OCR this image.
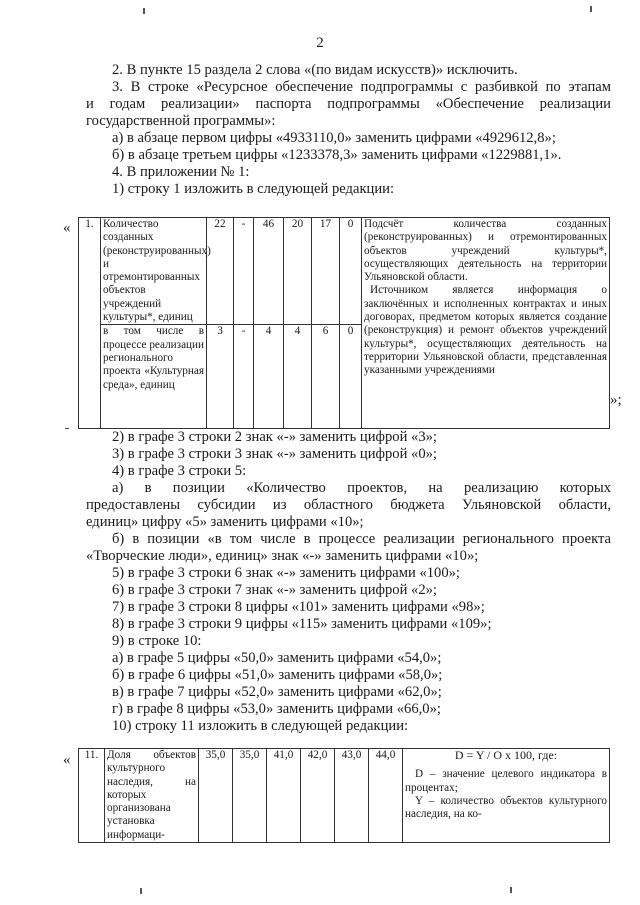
2
2. В пункте 15 раздела 2 слова «(по видам искусств)» исключить.
3. В строке «Ресурсное обеспечение подпрограммы с разбивкой по этапам
и годам реализации» паспорта подпрограммы «Обеспечение реализации
государственной программы»:
а) в абзаце первом цифры «4933110,0» заменить цифрами «4929612,8»;
б) в абзаце третьем цифры «1233378,3» заменить цифрами «1229881,1».
4. В приложении № 1:
1) строку 1 изложить в следующей редакции:
« 1.	Количество созданных (реконструированных) и отремонтированных объектов учреждений культуры*, единиц	22	-	46	20	17	0	Подсчёт количества созданных (реконструированных) и отремонтированных объектов учреждений культуры*, осуществляющих деятельность на территории Ульяновской области.
Источником является информация о заключённых и исполненных контрактах и иных договорах, предметом которых является создание (реконструкция) и ремонт объектов учреждений культуры*, осуществляющих деятельность на территории Ульяновской области, представленная указанными учреждениями

	в том числе в процессе реализации регионального проекта «Культурная среда», единиц	3	-	4	4	6	0	
»;
2) в графе 3 строки 2 знак «-» заменить цифрой «3»;
3) в графе 3 строки 3 знак «-» заменить цифрой «0»;
4) в графе 3 строки 5:
а) в позиции «Количество проектов, на реализацию которых
предоставлены субсидии из областного бюджета Ульяновской области,
единиц» цифру «5» заменить цифрами «10»;
б) в позиции «в том числе в процессе реализации регионального проекта
«Творческие люди», единиц» знак «-» заменить цифрами «10»;
5) в графе 3 строки 6 знак «-» заменить цифрами «100»;
6) в графе 3 строки 7 знак «-» заменить цифрой «2»;
7) в графе 3 строки 8 цифры «101» заменить цифрами «98»;
8) в графе 3 строки 9 цифры «115» заменить цифрами «109»;
9) в строке 10:
а) в графе 5 цифры «50,0» заменить цифрами «54,0»;
б) в графе 6 цифры «51,0» заменить цифрами «58,0»;
в) в графе 7 цифры «52,0» заменить цифрами «62,0»;
г) в графе 8 цифры «53,0» заменить цифрами «66,0»;
10) строку 11 изложить в следующей редакции:
« 11.	Доля объектов культурного наследия, на которых организована установка информаци-	35,0	35,0	41,0	42,0	43,0	44,0	D = Y / O x 100, где:
D – значение целевого индикатора в процентах;
Y – количество объектов культурного наследия, на ко-
